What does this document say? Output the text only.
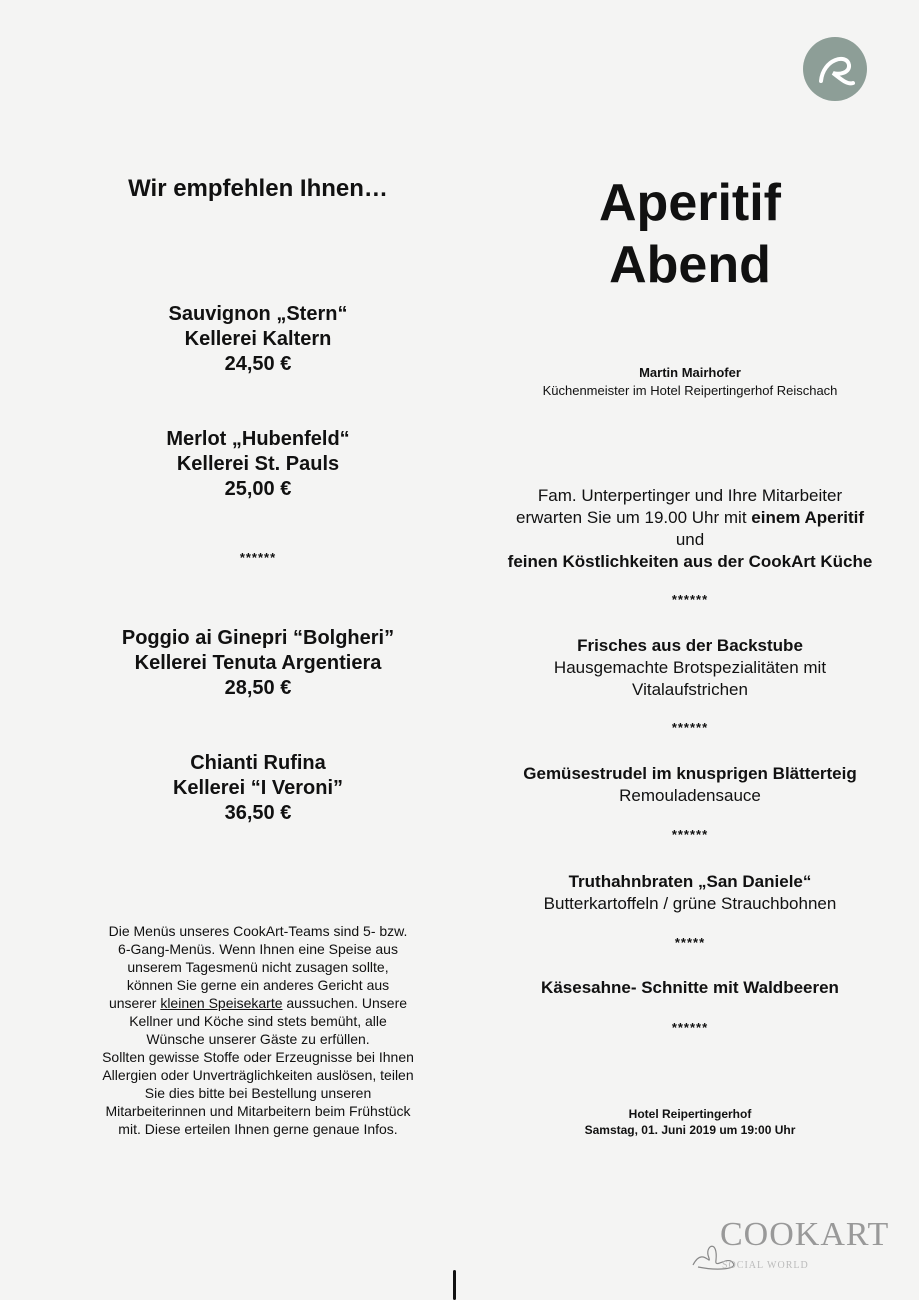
Wir empfehlen Ihnen…
Sauvignon „Stern“
Kellerei Kaltern
24,50 €
Merlot „Hubenfeld“
Kellerei St. Pauls
25,00 €
******
Poggio ai Ginepri “Bolgheri”
Kellerei Tenuta Argentiera
28,50 €
Chianti Rufina
Kellerei “I Veroni”
36,50 €
Die Menüs unseres CookArt-Teams sind 5- bzw.
6-Gang-Menüs. Wenn Ihnen eine Speise aus
unserem Tagesmenü nicht zusagen sollte,
können Sie gerne ein anderes Gericht aus
unserer kleinen Speisekarte aussuchen. Unsere
Kellner und Köche sind stets bemüht, alle
Wünsche unserer Gäste zu erfüllen.
Sollten gewisse Stoffe oder Erzeugnisse bei Ihnen
Allergien oder Unverträglichkeiten auslösen, teilen
Sie dies bitte bei Bestellung unseren
Mitarbeiterinnen und Mitarbeitern beim Frühstück
mit. Diese erteilen Ihnen gerne genaue Infos.
Aperitif
Abend
Martin Mairhofer
Küchenmeister im Hotel Reipertingerhof Reischach
Fam. Unterpertinger und Ihre Mitarbeiter
erwarten Sie um 19.00 Uhr mit einem Aperitif
und
feinen Köstlichkeiten aus der CookArt Küche
******
Frisches aus der Backstube
Hausgemachte Brotspezialitäten mit
Vitalaufstrichen
******
Gemüsestrudel im knusprigen Blätterteig
Remouladensauce
******
Truthahnbraten „San Daniele“
Butterkartoffeln / grüne Strauchbohnen
*****
Käsesahne- Schnitte mit Waldbeeren
******
Hotel Reipertingerhof
Samstag, 01. Juni 2019 um 19:00 Uhr
COOKART
SOCIAL WORLD
